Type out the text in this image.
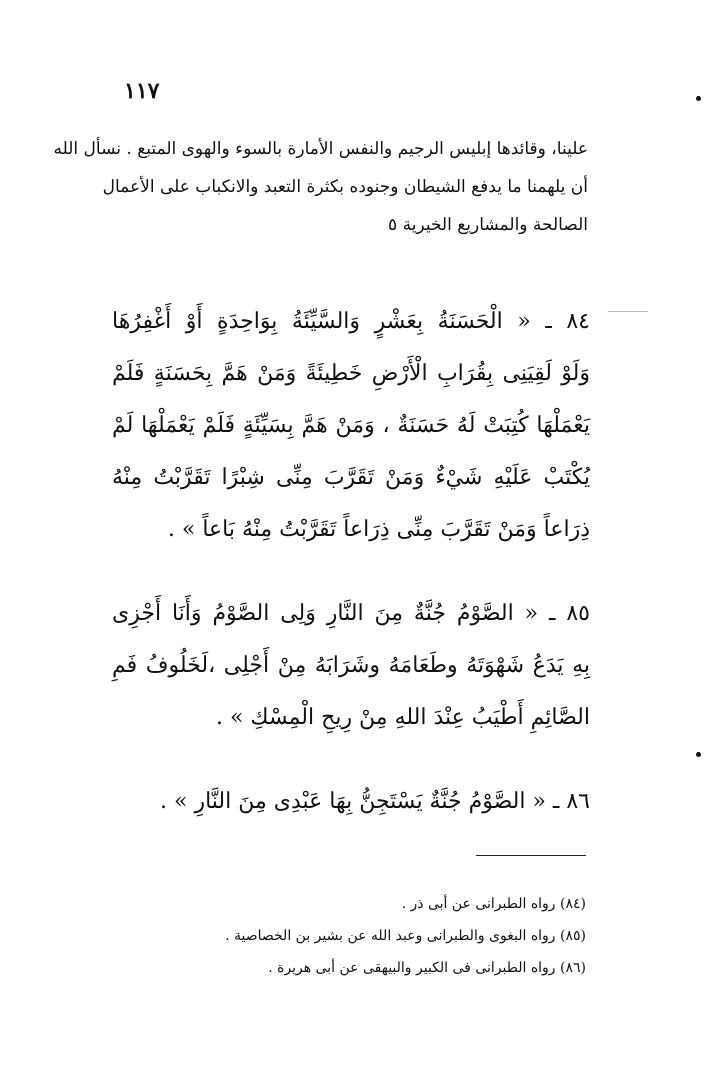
١١٧
علينا، وقائدها إبليس الرجيم والنفس الأمارة بالسوء والهوى المتبع . نسأل الله
أن يلهمنا ما يدفع الشيطان وجنوده بكثرة التعبد والانكباب على الأعمال
الصالحة والمشاريع الخيرية ٥
٨٤ ـ « الْحَسَنَةُ بِعَشْرٍ وَالسَّيِّئَةُ بِوَاحِدَةٍ أَوْ أَغْفِرُهَا
وَلَوْ لَقِيَنِى بِقُرَابِ الْأَرْضِ خَطِيئَةً وَمَنْ هَمَّ بِحَسَنَةٍ فَلَمْ
يَعْمَلْهَا كُتِبَتْ لَهُ حَسَنَةٌ ، وَمَنْ هَمَّ بِسَيِّئَةٍ فَلَمْ يَعْمَلْهَا لَمْ
يُكْتَبْ عَلَيْهِ شَيْءٌ وَمَنْ تَقَرَّبَ مِنِّى شِبْرًا تَقَرَّبْتُ مِنْهُ
ذِرَاعاً وَمَنْ تَقَرَّبَ مِنِّى ذِرَاعاً تَقَرَّبْتُ مِنْهُ بَاعاً » .
٨٥ ـ « الصَّوْمُ جُنَّةٌ مِنَ النَّارِ وَلِى الصَّوْمُ وَأَنَا أَجْزِى
بِهِ يَدَعُ شَهْوَتَهُ وطَعَامَهُ وشَرَابَهُ مِنْ أَجْلِى ،لَخَلُوفُ فَمِ
الصَّائِمِ أَطْيَبُ عِنْدَ اللهِ مِنْ رِيحِ الْمِسْكِ » .
٨٦ ـ « الصَّوْمُ جُنَّةٌ يَسْتَجِنُّ بِهَا عَبْدِى مِنَ النَّارِ » .
(٨٤) رواه الطبرانى عن أبى ذر .
(٨٥) رواه البغوى والطبرانى وعبد الله عن بشير بن الخصاصية .
(٨٦) رواه الطبرانى فى الكبير والبيهقى عن أبى هريرة .
